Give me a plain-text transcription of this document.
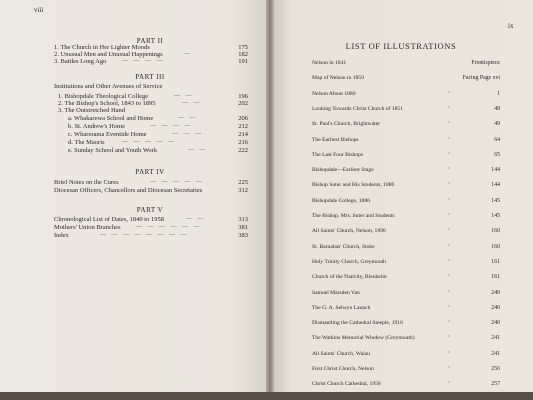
viii
PART II
1. The Church in Her Lighter Moods	175
2. Unusual Men and Unusual Happenings	—	182
3. Battles Long Ago	— — — —	191
PART III
Institutions and Other Avenues of Service
1. Bishopdale Theological College	— —	196
2. The Bishop's School, 1843 to 1895	— —	202
3. The Outstretched Hand
a. Whakarewa School and Home	— —	206
b. St. Andrew's Home	— — — —	212
c. Wharerama Eventide Home	— — —	214
d. The Maoris	— — — — —	216
e. Sunday School and Youth Work	— —	222
PART IV
Brief Notes on the Cures	— — — — —	225
Diocesan Officers, Chancellors and Diocesan Secretaries	312
PART V
Chronological List of Dates, 1840 to 1958	— —	313
Mothers' Union Branches	— — — — — —	381
Index	— — — — — — — —	383
ix
LIST OF ILLUSTRATIONS
Nelson in 1841	Frontispiece
Map of Nelson in 1859	Facing Page xvi
Nelson About 1880	"	1
Looking Towards Christ Church of 1851	"	48
St. Paul's Church, Brightwater	"	49
The Earliest Bishops	"	64
The Last Four Bishops	"	65
Bishopdale—Earliest Stage	"	144
Bishop Suter and His Students, 1880	"	144
Bishopdale College, 1886	"	145
The Bishop, Mrs. Suter and Students	"	145
All Saints' Church, Nelson, 1890	"	160
St. Barnabas' Church, Stoke	"	160
Holy Trinity Church, Greymouth	"	161
Church of the Nativity, Blenheim	"	161
Samuel Marsden Van	"	240
The G. A. Selwyn Launch	"	240
Dismantling the Cathedral Steeple, 1916	"	240
The Watkins Memorial Window (Greymouth)	"	241
All Saints' Church, Waiau	"	241
First Christ Church, Nelson	"	256
Christ Church Cathedral, 1958	"	257
